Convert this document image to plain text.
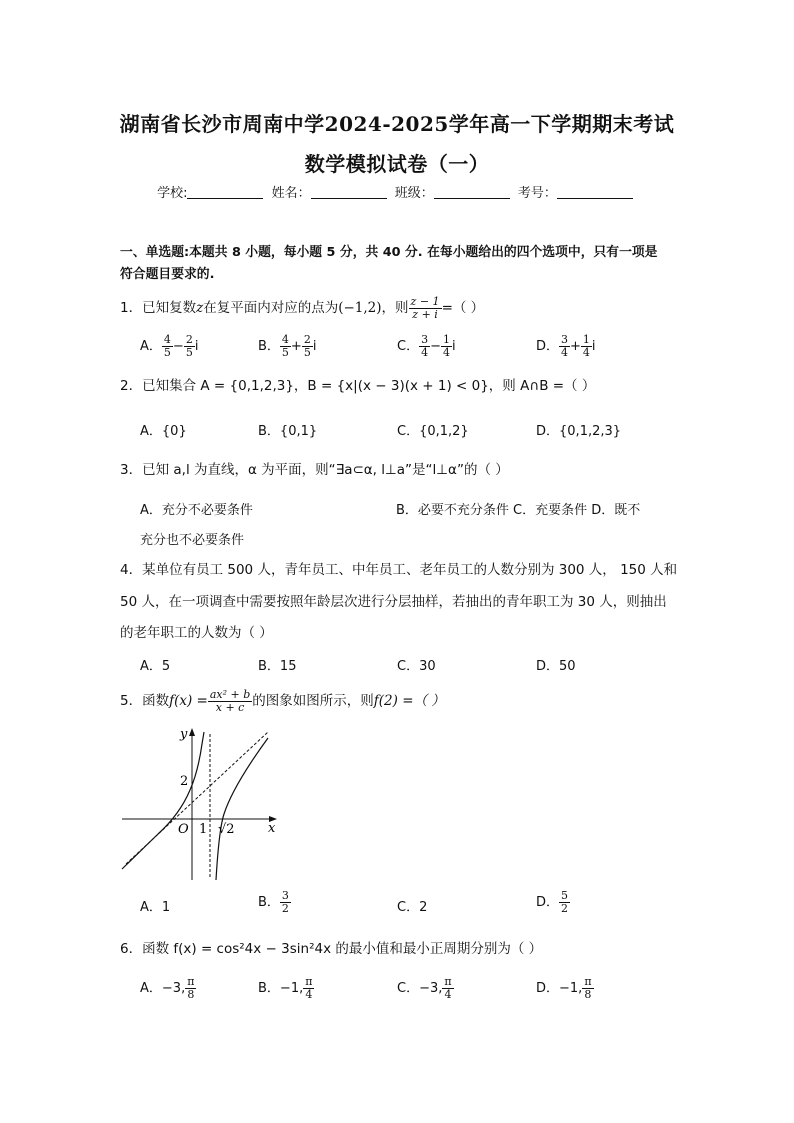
湖南省长沙市周南中学2024-2025学年高一下学期期末考试
数学模拟试卷（一）
学校:	姓名：	班级：	考号：
一、单选题:本题共 8 小题，每小题 5 分，共 40 分. 在每小题给出的四个选项中，只有一项是
符合题目要求的.
1．已知复数z在复平面内对应的点为(−1,2)，则 $\frac{z - 1}{z + i}$ =（ ）
A． $\frac{4}{5} - \frac{2}{5}$ i	B． $\frac{4}{5} + \frac{2}{5}$ i	C． $\frac{3}{4} - \frac{1}{4}$ i	D． $\frac{3}{4} + \frac{1}{4}$ i
2．已知集合 A = {0,1,2,3}，B = {x|(x − 3)(x + 1) < 0}，则 A∩B =（ ）
A．{0}	B．{0,1}	C．{0,1,2}	D．{0,1,2,3}
3．已知 a,l 为直线，α 为平面，则“∃a⊂α, l⊥a”是“l⊥α”的（ ）
A．充分不必要条件	B．必要不充分条件 C．充要条件 D．既不
充分也不必要条件
4．某单位有员工 500 人，青年员工、中年员工、老年员工的人数分别为 300 人， 150 人和
50 人，在一项调查中需要按照年龄层次进行分层抽样，若抽出的青年职工为 30 人，则抽出
的老年职工的人数为（ ）
A．5	B．15	C．30	D．50
5．函数$f(x) = \frac{\text{ax² + b}}{x + c}$ 的图象如图所示，则f(2) =（ ）
y
x
O
2
1 √2
A．1	B． $\frac{3}{2}$	C．2	D． $\frac{5}{2}$
6．函数 f(x) = cos²4x − 3sin²4x 的最小值和最小正周期分别为（ ）
A．−3, $\frac{\pi}{8}$	B．−1, $\frac{\pi}{4}$	C．−3, $\frac{\pi}{4}$	D．−1, $\frac{\pi}{8}$
